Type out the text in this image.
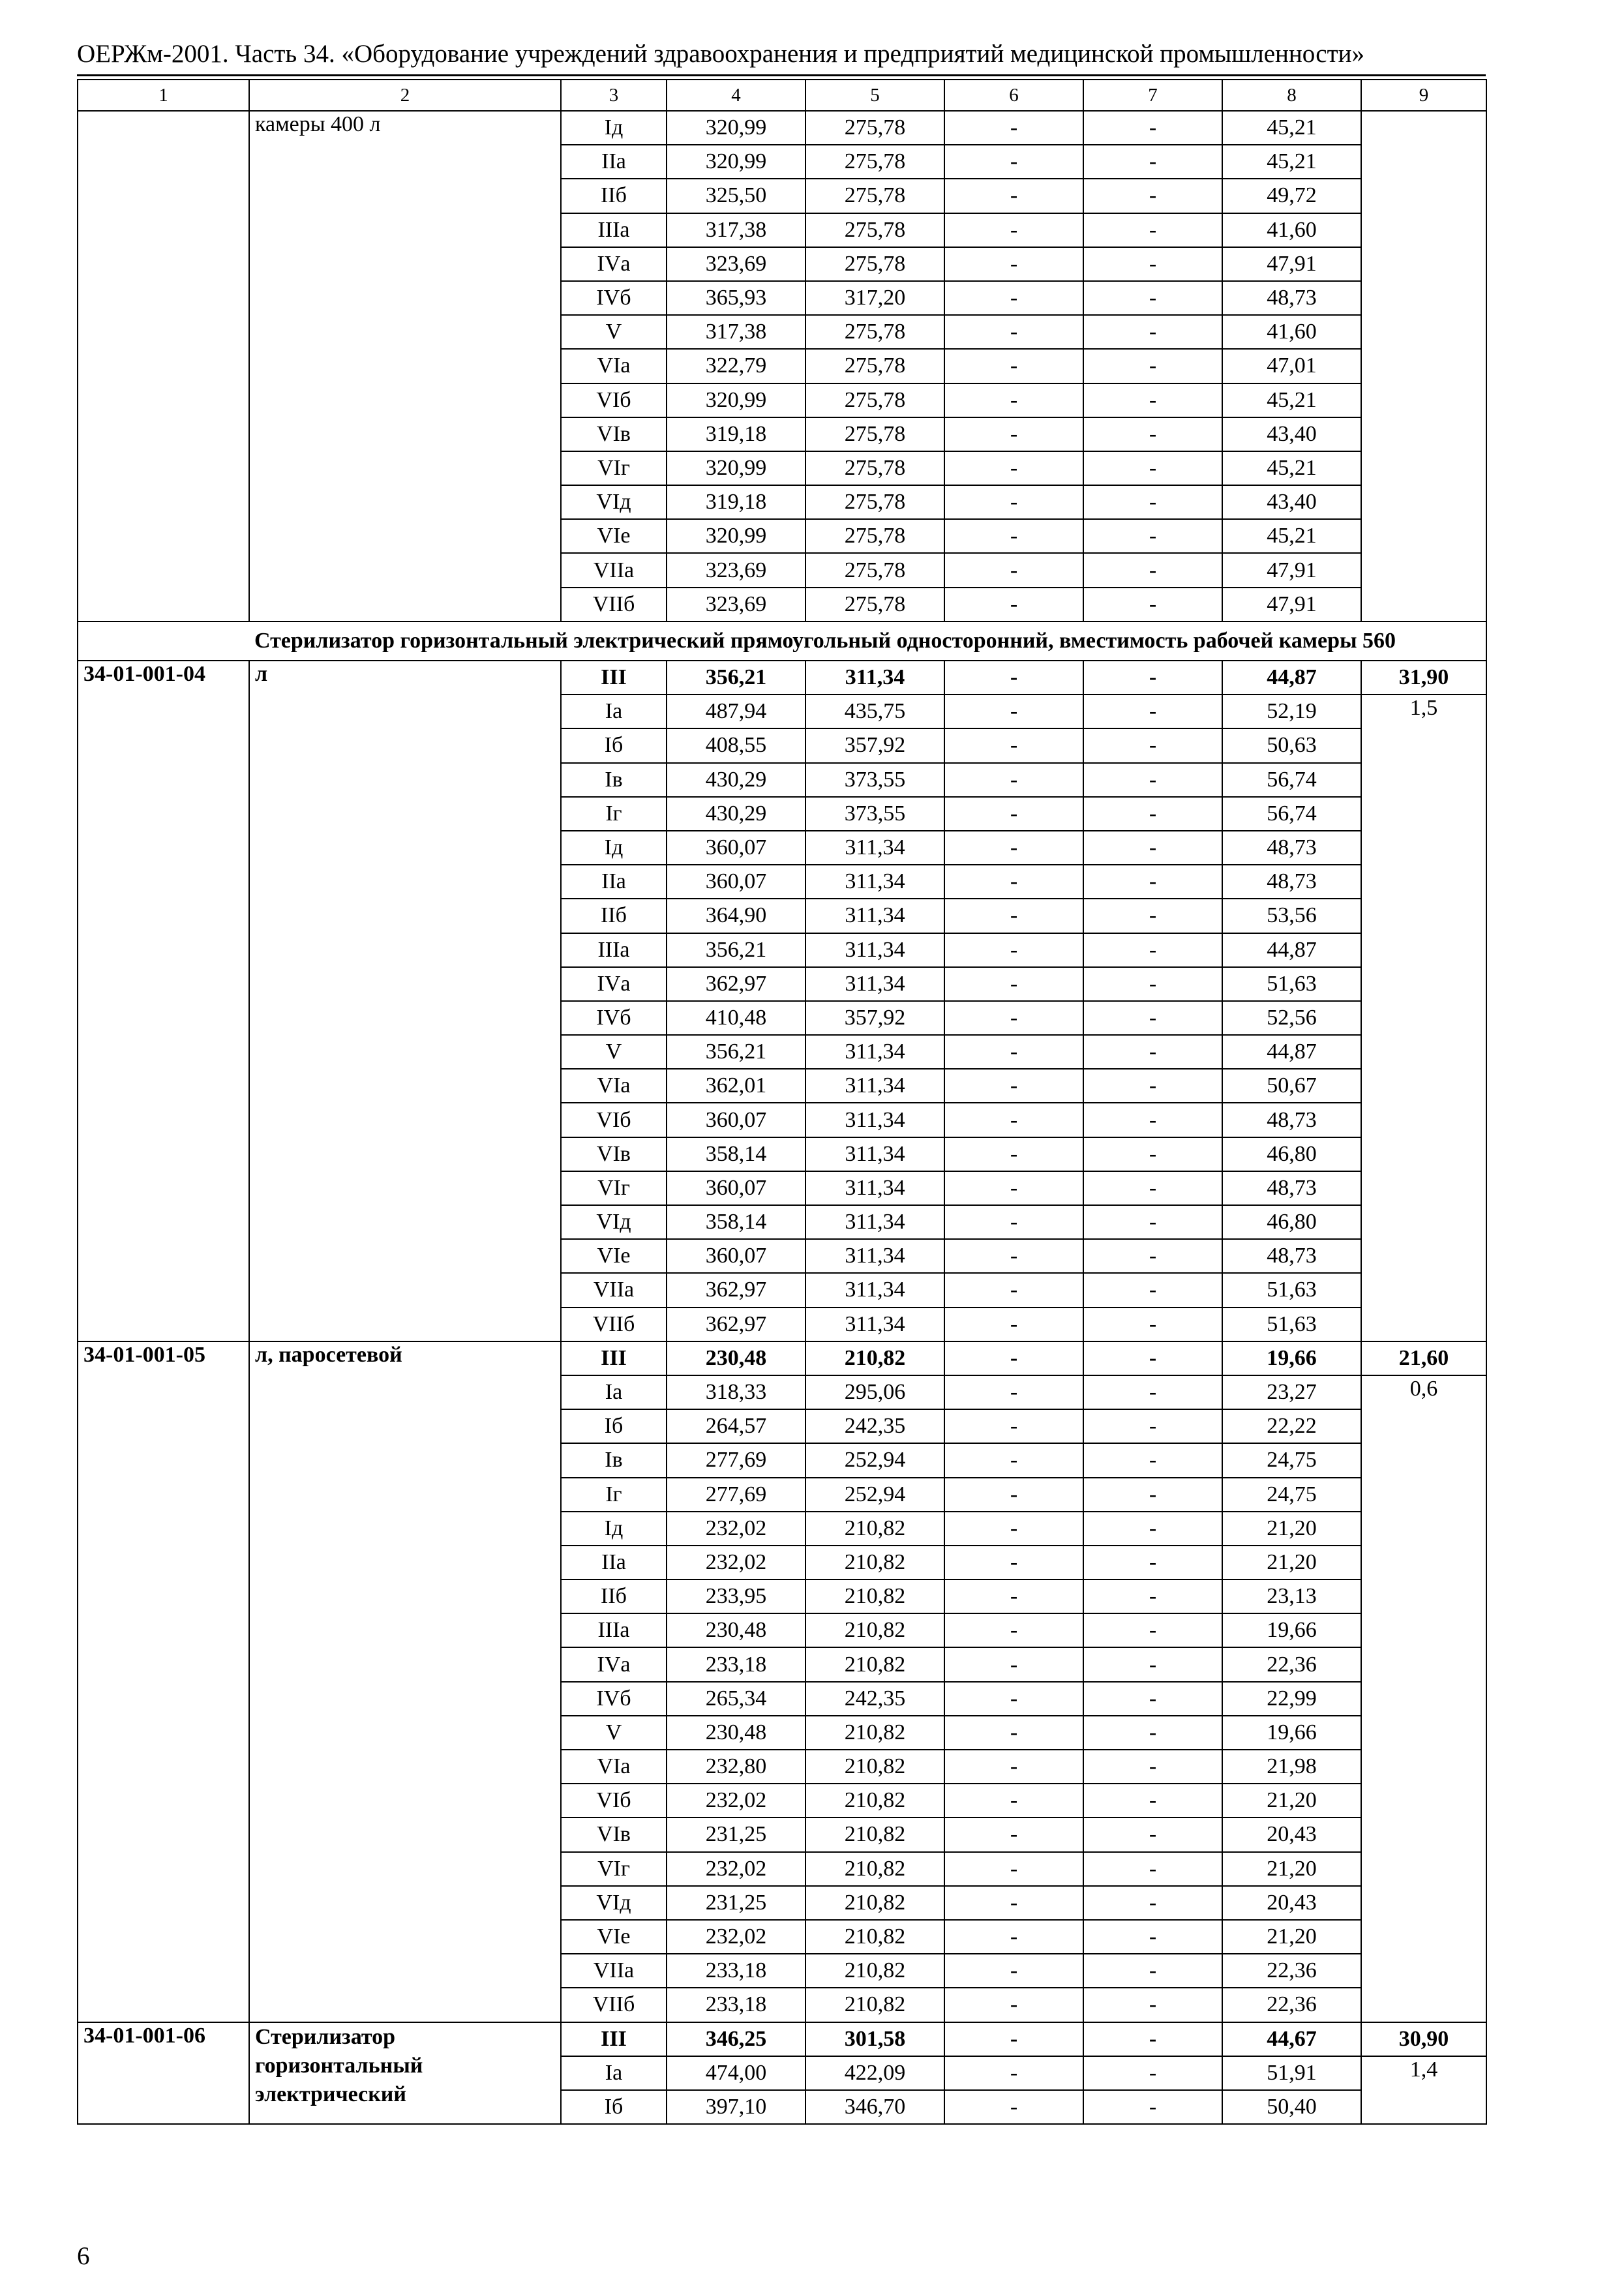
ОЕРЖм-2001. Часть 34. «Оборудование учреждений здравоохранения и предприятий медицинской промышленности»
1	2	3	4	5	6	7	8	9
	камеры 400 л	Iд	320,99	275,78	-	-	45,21	
		IIа	320,99	275,78	-	-	45,21	
		IIб	325,50	275,78	-	-	49,72	
		IIIа	317,38	275,78	-	-	41,60	
		IVа	323,69	275,78	-	-	47,91	
		IVб	365,93	317,20	-	-	48,73	
		V	317,38	275,78	-	-	41,60	
		VIа	322,79	275,78	-	-	47,01	
		VIб	320,99	275,78	-	-	45,21	
		VIв	319,18	275,78	-	-	43,40	
		VIг	320,99	275,78	-	-	45,21	
		VIд	319,18	275,78	-	-	43,40	
		VIе	320,99	275,78	-	-	45,21	
		VIIа	323,69	275,78	-	-	47,91	
		VIIб	323,69	275,78	-	-	47,91	
	Стерилизатор горизонтальный электрический прямоугольный односторонний, вместимость рабочей камеры 560							
34-01-001-04	л	III	356,21	311,34	-	-	44,87	31,90
		Iа	487,94	435,75	-	-	52,19	1,5
		Iб	408,55	357,92	-	-	50,63	
		Iв	430,29	373,55	-	-	56,74	
		Iг	430,29	373,55	-	-	56,74	
		Iд	360,07	311,34	-	-	48,73	
		IIа	360,07	311,34	-	-	48,73	
		IIб	364,90	311,34	-	-	53,56	
		IIIа	356,21	311,34	-	-	44,87	
		IVа	362,97	311,34	-	-	51,63	
		IVб	410,48	357,92	-	-	52,56	
		V	356,21	311,34	-	-	44,87	
		VIа	362,01	311,34	-	-	50,67	
		VIб	360,07	311,34	-	-	48,73	
		VIв	358,14	311,34	-	-	46,80	
		VIг	360,07	311,34	-	-	48,73	
		VIд	358,14	311,34	-	-	46,80	
		VIе	360,07	311,34	-	-	48,73	
		VIIа	362,97	311,34	-	-	51,63	
		VIIб	362,97	311,34	-	-	51,63	
34-01-001-05	л, паросетевой	III	230,48	210,82	-	-	19,66	21,60
		Iа	318,33	295,06	-	-	23,27	0,6
		Iб	264,57	242,35	-	-	22,22	
		Iв	277,69	252,94	-	-	24,75	
		Iг	277,69	252,94	-	-	24,75	
		Iд	232,02	210,82	-	-	21,20	
		IIа	232,02	210,82	-	-	21,20	
		IIб	233,95	210,82	-	-	23,13	
		IIIа	230,48	210,82	-	-	19,66	
		IVа	233,18	210,82	-	-	22,36	
		IVб	265,34	242,35	-	-	22,99	
		V	230,48	210,82	-	-	19,66	
		VIа	232,80	210,82	-	-	21,98	
		VIб	232,02	210,82	-	-	21,20	
		VIв	231,25	210,82	-	-	20,43	
		VIг	232,02	210,82	-	-	21,20	
		VIд	231,25	210,82	-	-	20,43	
		VIе	232,02	210,82	-	-	21,20	
		VIIа	233,18	210,82	-	-	22,36	
		VIIб	233,18	210,82	-	-	22,36	
34-01-001-06	Стерилизатор горизонтальный электрический	III	346,25	301,58	-	-	44,67	30,90
		Iа	474,00	422,09	-	-	51,91	1,4
		Iб	397,10	346,70	-	-	50,40	
6
